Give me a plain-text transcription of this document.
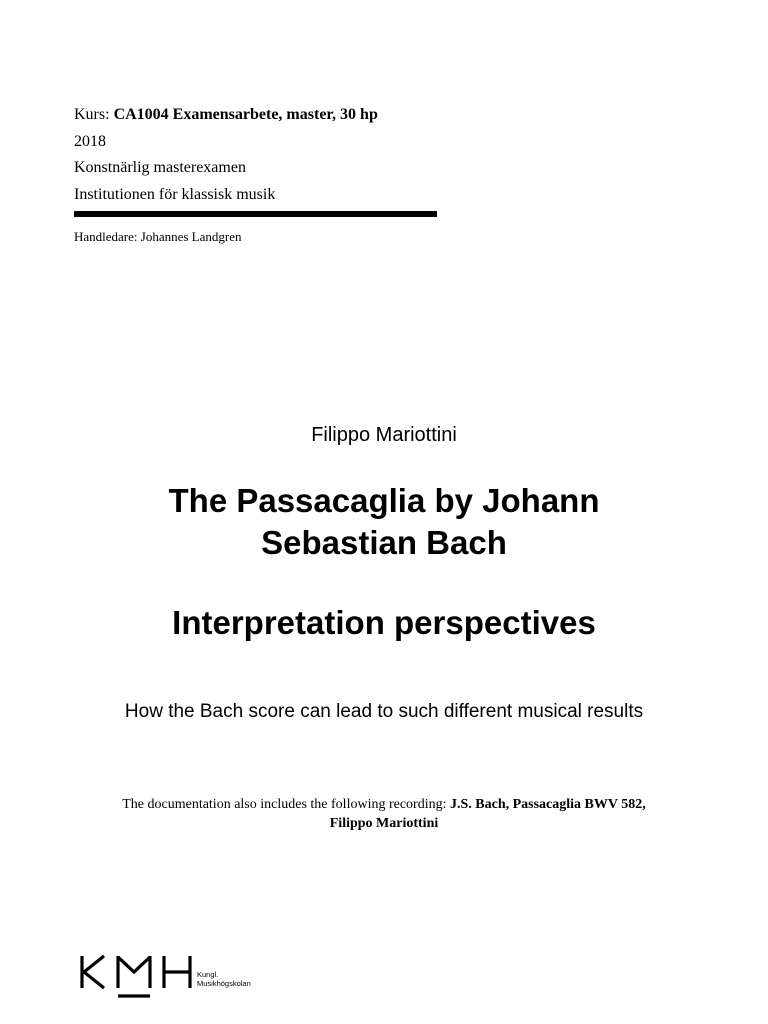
Kurs: CA1004 Examensarbete, master, 30 hp

2018

Konstnärlig masterexamen

Institutionen för klassisk musik

Handledare: Johannes Landgren
Filippo Mariottini
The Passacaglia by Johann Sebastian Bach
Interpretation perspectives
How the Bach score can lead to such different musical results
The documentation also includes the following recording: J.S. Bach, Passacaglia BWV 582, Filippo Mariottini
Kungl.
Musikhögskolan
